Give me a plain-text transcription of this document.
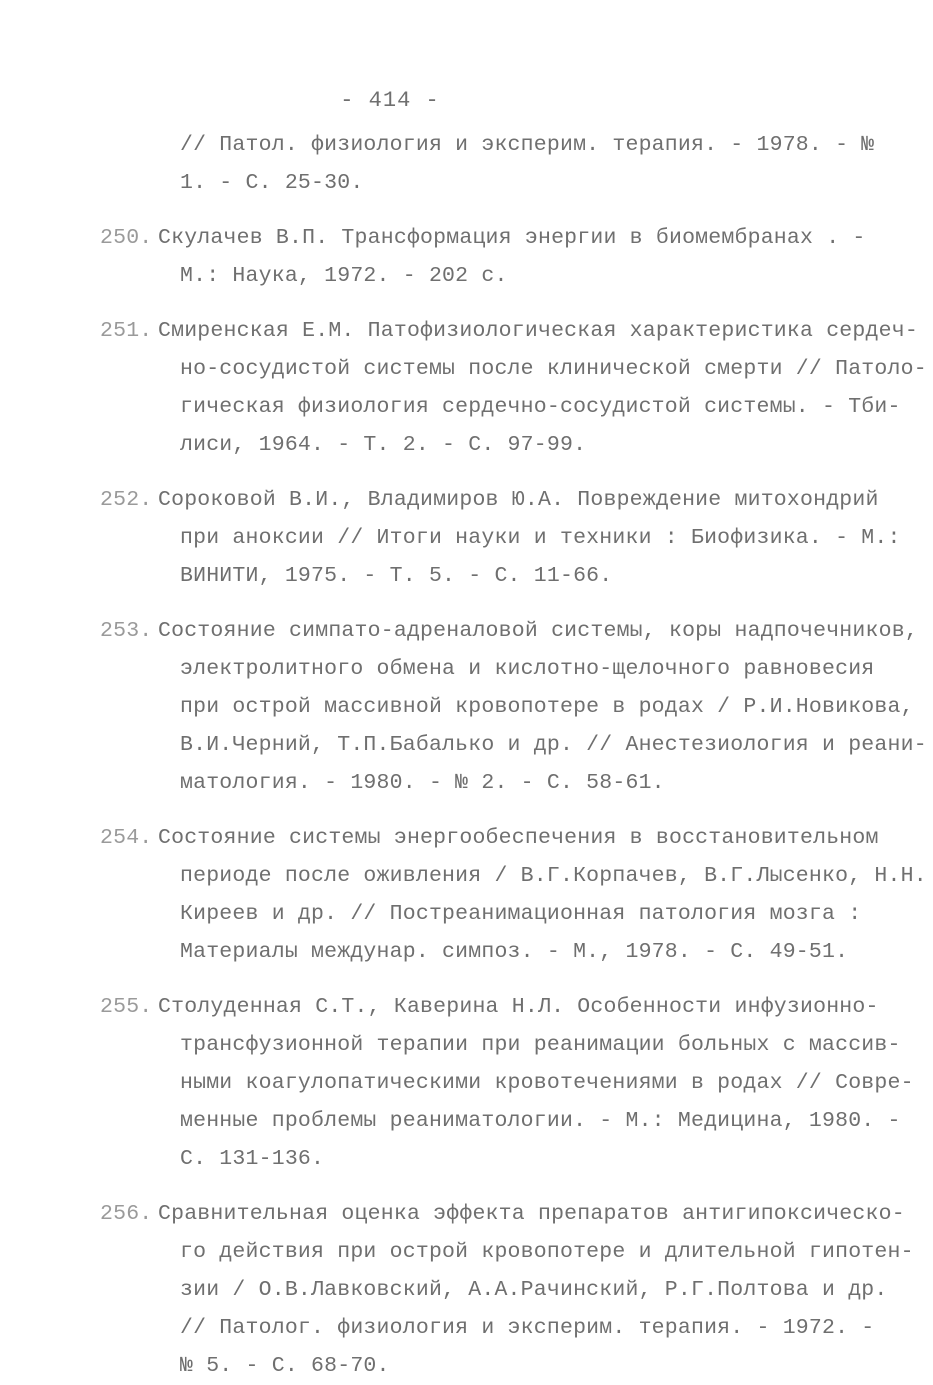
- 414 -
// Патол. физиология и эксперим. терапия. - 1978. - №
1. - С. 25-30.
250. Скулачев В.П. Трансформация энергии в биомембранах . -
М.: Наука, 1972. - 202 с.
251. Смиренская Е.М. Патофизиологическая характеристика сердеч-
но-сосудистой системы после клинической смерти // Патоло-
гическая физиология сердечно-сосудистой системы. - Тби-
лиси, 1964. - Т. 2. - С. 97-99.
252. Сороковой В.И., Владимиров Ю.А. Повреждение митохондрий
при аноксии // Итоги науки и техники : Биофизика. - М.:
ВИНИТИ, 1975. - Т. 5. - С. 11-66.
253. Состояние симпато-адреналовой системы, коры надпочечников,
электролитного обмена и кислотно-щелочного равновесия
при острой массивной кровопотере в родах / Р.И.Новикова,
В.И.Черний, Т.П.Бабалько и др. // Анестезиология и реани-
матология. - 1980. - № 2. - С. 58-61.
254. Состояние системы энергообеспечения в восстановительном
периоде после оживления / В.Г.Корпачев, В.Г.Лысенко, Н.Н.
Киреев и др. // Постреанимационная патология мозга :
Материалы междунар. симпоз. - М., 1978. - С. 49-51.
255. Столуденная С.Т., Каверина Н.Л. Особенности инфузионно-
трансфузионной терапии при реанимации больных с массив-
ными коагулопатическими кровотечениями в родах // Совре-
менные проблемы реаниматологии. - М.: Медицина, 1980. -
С. 131-136.
256. Сравнительная оценка эффекта препаратов антигипоксическо-
го действия при острой кровопотере и длительной гипотен-
зии / О.В.Лавковский, А.А.Рачинский, Р.Г.Полтова и др.
// Патолог. физиология и эксперим. терапия. - 1972. -
№ 5. - С. 68-70.
